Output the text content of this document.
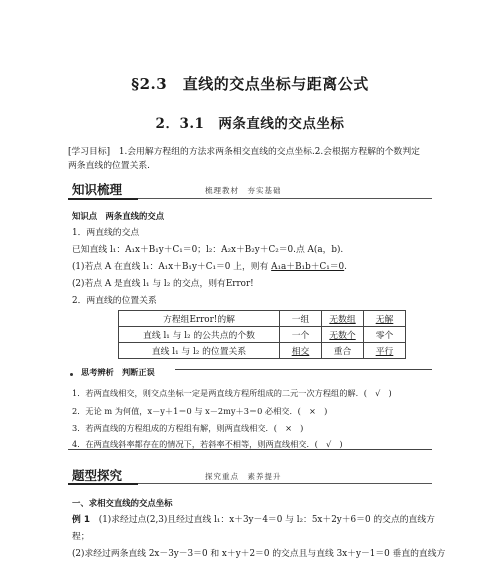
§2.3　直线的交点坐标与距离公式
2．3.1　两条直线的交点坐标
[学习目标]　1.会用解方程组的方法求两条相交直线的交点坐标.2.会根据方程解的个数判定
两条直线的位置关系.
知识梳理	梳理教材　夯实基础
知识点　两条直线的交点
1．两直线的交点
已知直线 l₁：A₁x＋B₁y＋C₁＝0；l₂：A₂x＋B₂y＋C₂＝0.点 A(a，b).
(1)若点 A 在直线 l₁：A₁x＋B₁y＋C₁＝0 上，则有 A₁a＋B₁b＋C₁＝0.
(2)若点 A 是直线 l₁ 与 l₂ 的交点，则有Error!
2．两直线的位置关系
方程组Error!的解	一组	无数组	无解
直线 l₁ 与 l₂ 的公共点的个数	一个	无数个	零个
直线 l₁ 与 l₂ 的位置关系	相交	重合	平行
思考辨析　判断正误
1．若两直线相交，则交点坐标一定是两直线方程所组成的二元一次方程组的解．(　√　)
2．无论 m 为何值，x－y＋1＝0 与 x－2my＋3＝0 必相交．(　×　)
3．若两直线的方程组成的方程组有解，则两直线相交．(　×　)
4．在两直线斜率都存在的情况下，若斜率不相等，则两直线相交．(　√　)
题型探究	探究重点　素养提升
一、求相交直线的交点坐标
例 1　(1)求经过点(2,3)且经过直线 l₁：x＋3y－4＝0 与 l₂：5x＋2y＋6＝0 的交点的直线方
程；
(2)求经过两条直线 2x－3y－3＝0 和 x＋y＋2＝0 的交点且与直线 3x＋y－1＝0 垂直的直线方
